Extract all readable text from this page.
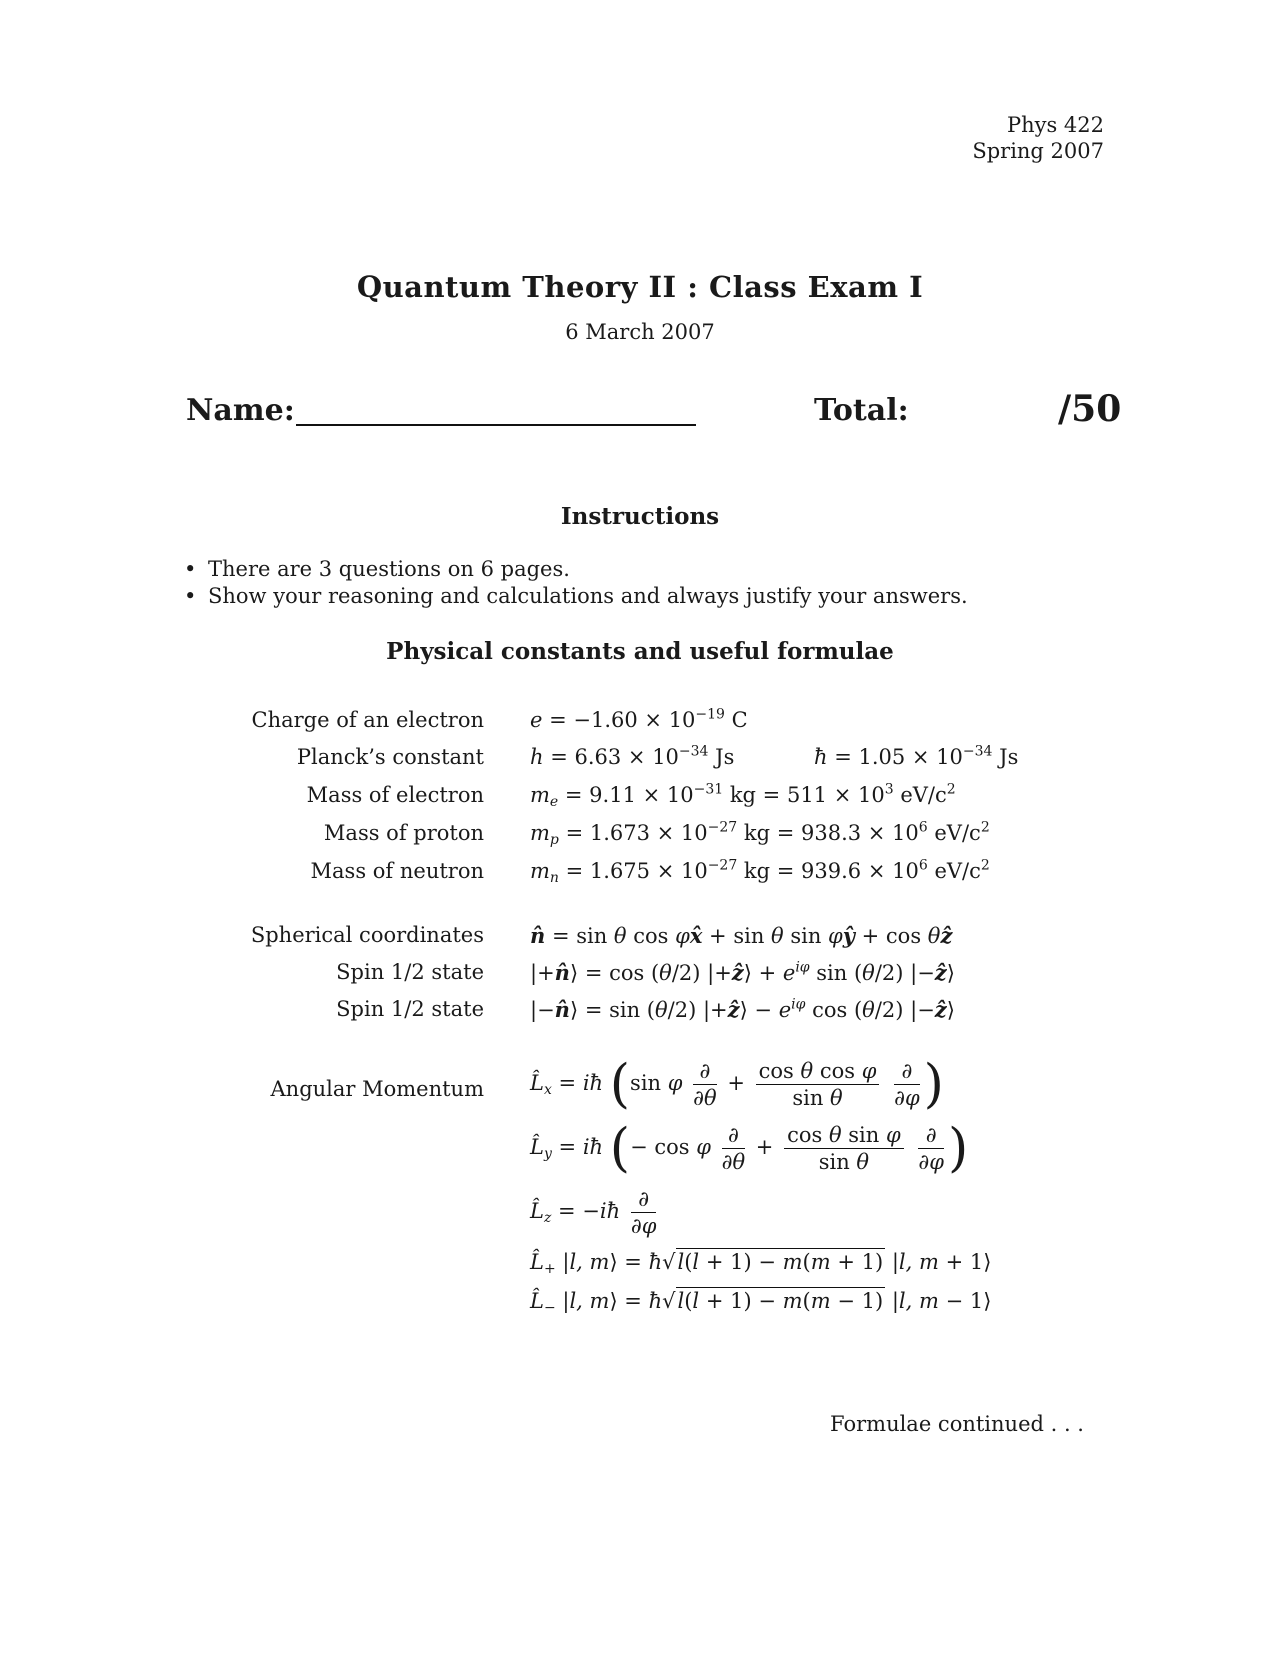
Phys 422
Spring 2007
Quantum Theory II : Class Exam I
6 March 2007
Name:	Total:	/50
Instructions
• There are 3 questions on 6 pages.
• Show your reasoning and calculations and always justify your answers.
Physical constants and useful formulae
Charge of an electron $e = -1.60 \times 10^{-19}$ C
Planck’s constant $h = 6.63 \times 10^{-34}$ Js	ħ = $1.05 \times 10^{-34}$ Js
Mass of electron $m_e = 9.11 \times 10^{-31}$ kg = $511 \times 10^3$ $eV/c^2$
Mass of proton $m_p = 1.673 \times 10^{-27}$ kg = $938.3 \times 10^6$ $eV/c^2$
Mass of neutron $m_n = 1.675 \times 10^{-27}$ kg = $939.6 \times 10^6$ $eV/c^2$
Spherical coordinates n̂ = sin θ cos φx̂ + sin θ sin φŷ + cos θẑ
Spin 1/2 state |+n̂⟩ = cos (θ/2) |+ẑ⟩ + $e^{i\varphi}$ sin (θ/2) |−ẑ⟩
Spin 1/2 state |−n̂⟩ = sin (θ/2) |+ẑ⟩ − $e^{i\varphi}$ cos (θ/2) |−ẑ⟩
Angular Momentum $L̂_x$ = iħ (sin φ $\frac{\partial}{\partial\theta} + \frac{\text{cos θ cos φ}}{\text{sin θ}}$
$\frac{\partial}{\partial\varphi}$ )
$L̂_y$ = iħ (− cos φ $\frac{\partial}{\partial\theta} + \frac{\text{cos θ sin φ}}{\text{sin θ}}$
$\frac{\partial}{\partial\varphi}$ )
$L̂_z$ = −iħ $\frac{\partial}{\partial\varphi}$
$L̂_+$ |l, m⟩ = ħ√l(l + 1) − m(m + 1) |l, m + 1⟩
$L̂_-$ |l, m⟩ = ħ√l(l + 1) − m(m − 1) |l, m − 1⟩
Formulae continued . . .
